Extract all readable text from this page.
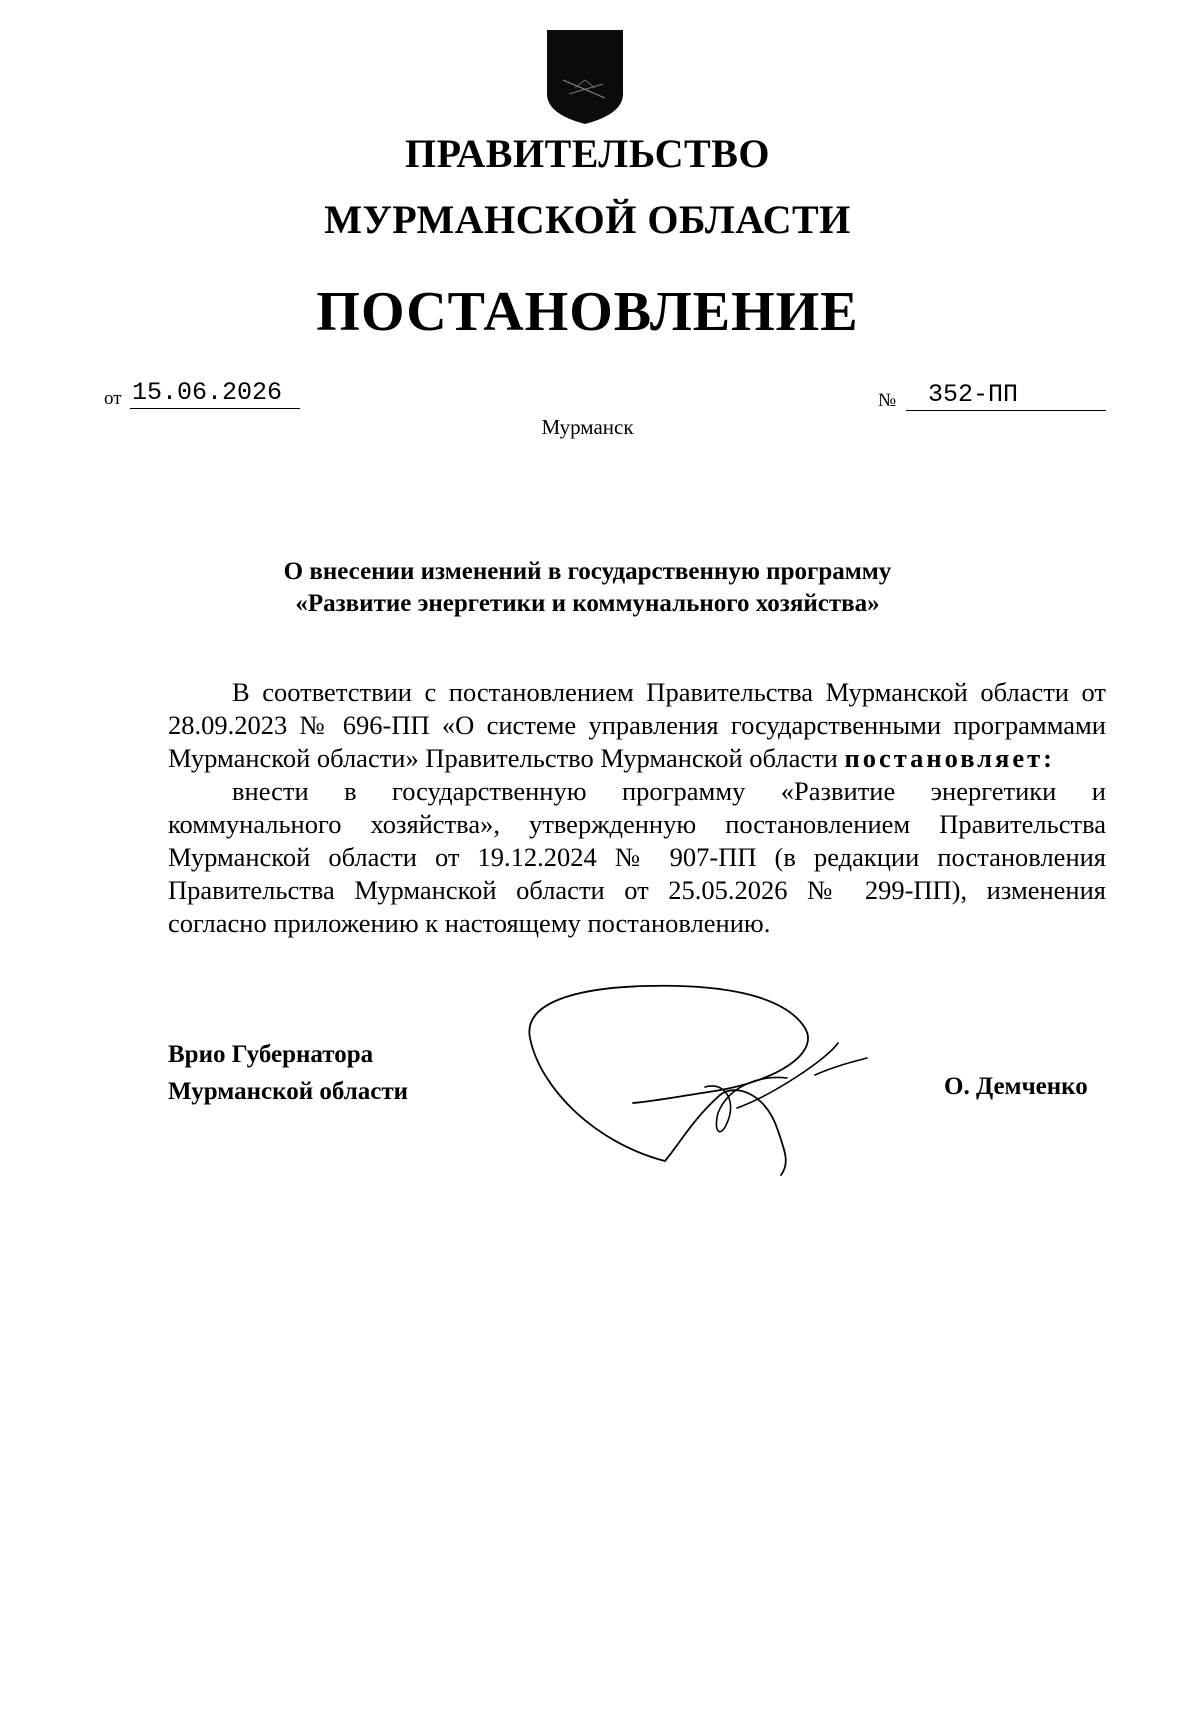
ПРАВИТЕЛЬСТВО
МУРМАНСКОЙ ОБЛАСТИ
ПОСТАНОВЛЕНИЕ
от 15.06.2026	№	352-ПП
Мурманск
О внесении изменений в государственную программу
«Развитие энергетики и коммунального хозяйства»

В соответствии с постановлением Правительства Мурманской области от 28.09.2023 № 696-ПП «О системе управления государственными программами Мурманской области» Правительство Мурманской области постановляет:

внести в государственную программу «Развитие энергетики и коммунального хозяйства», утвержденную постановлением Правительства Мурманской области от 19.12.2024 № 907-ПП (в редакции постановления Правительства Мурманской области от 25.05.2026 № 299-ПП), изменения согласно приложению к настоящему постановлению.

Врио Губернатора
Мурманской области	О. Демченко
